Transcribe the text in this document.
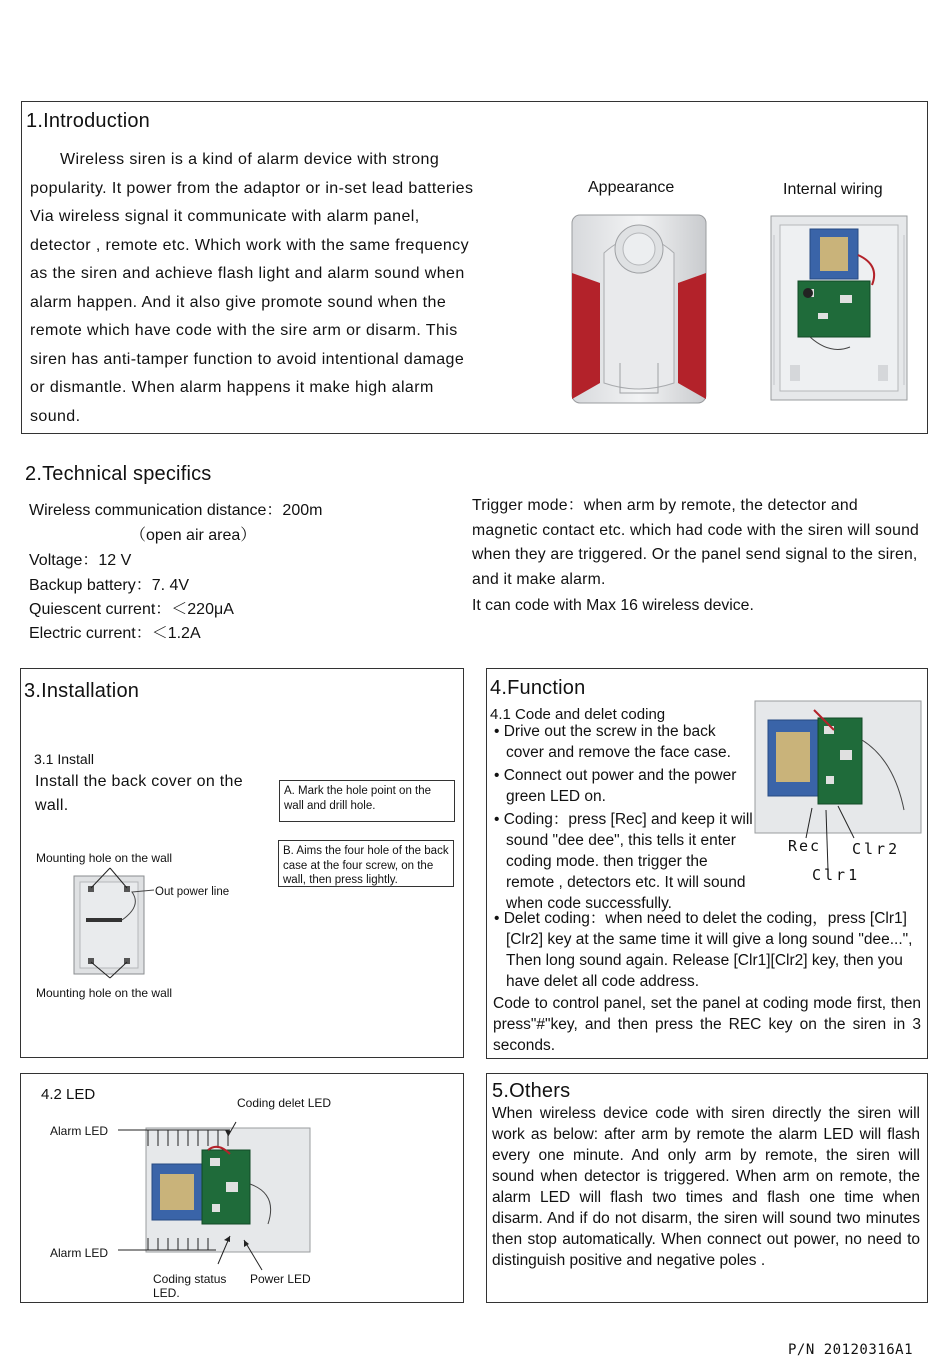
1.Introduction
Wireless siren is a kind of alarm device with strong popularity. It power from the adaptor or in-set lead batteries Via wireless signal it communicate with alarm panel, detector , remote etc. Which work with the same frequency as the siren and achieve flash light and alarm sound when alarm happen. And it also give promote sound when the remote which have code with the sire arm or disarm. This siren has anti-tamper function to avoid intentional damage or dismantle. When alarm happens it make high alarm sound.
Appearance	Internal wiring
2.Technical specifics
Wireless communication distance：200m
（open air area）
Voltage：12 V
Backup battery：7. 4V
Quiescent current：＜220μA
Electric current：＜1.2A
Trigger mode：when arm by remote, the detector and magnetic contact etc. which had code with the siren will sound when they are triggered. Or the panel send signal to the siren, and it make alarm.
It can code with Max 16 wireless device.
3.Installation
3.1 Install
Install the back cover on the wall.
A. Mark the hole point on the wall and drill hole.
B. Aims the four hole of the back case at the four screw, on the wall, then press lightly.
Mounting hole on the wall
Out power line
Mounting hole on the wall
4.Function
4.1 Code and delet coding
• Drive out the screw in the back cover and remove the face case.
• Connect out power and the power green LED on.
• Coding：press [Rec] and keep it will sound "dee dee", this tells it enter coding mode. then trigger the remote , detectors etc. It will sound when code successfully.
• Delet coding：when need to delet the coding，press [Clr1][Clr2] key at the same time it will give a long sound "dee...", Then long sound again. Release [Clr1][Clr2] key, then you have delet all code address.
Code to control panel, set the panel at coding mode first, then press"#"key, and then press the REC key on the siren in 3 seconds.
Rec Clr2
Clr1
4.2 LED	Coding delet LED
Alarm LED
Alarm LED
Coding status LED.
Power LED
5.Others
When wireless device code with siren directly the siren will work as below: after arm by remote the alarm LED will flash every one minute. And only arm by remote, the siren will sound when detector is triggered. When arm on remote, the alarm LED will flash two times and flash one time when disarm. And if do not disarm, the siren will sound two minutes then stop automatically. When connect out power, no need to distinguish positive and negative poles .
P/N 20120316A1
